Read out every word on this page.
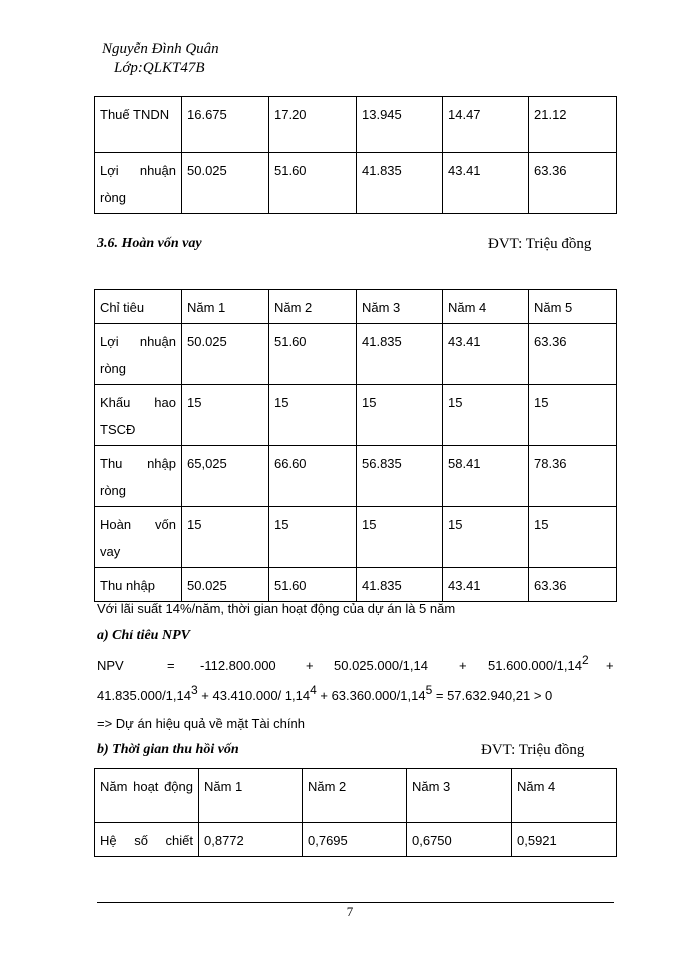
Nguyễn Đình Quân
Lớp:QLKT47B
Thuế TNDN	16.675	17.20	13.945	14.47	21.12
Lợi nhuận ròng	50.025	51.60	41.835	43.41	63.36
3.6. Hoàn vốn vay	ĐVT: Triệu đồng
Chỉ tiêu	Năm 1	Năm 2	Năm 3	Năm 4	Năm 5
Lợi nhuận ròng	50.025	51.60	41.835	43.41	63.36
Khấu hao TSCĐ	15	15	15	15	15
Thu nhập ròng	65,025	66.60	56.835	58.41	78.36
Hoàn vốn vay	15	15	15	15	15
Thu nhập	50.025	51.60	41.835	43.41	63.36
Với lãi suất 14%/năm, thời gian hoạt động của dự án là 5 năm
a) Chỉ tiêu NPV
NPV	= $-112.800.000 + 50.025.000/1,14 + 51.600.000/1,14^2$ +
$41.835.000/1,14^3 + 43.410.000/$ $1,14^4 + 63.360.000/1,14^5 = 57.632.940,21 > 0$
=> Dự án hiệu quả về mặt Tài chính
b) Thời gian thu hồi vốn	ĐVT: Triệu đồng
Năm hoạt động	Năm 1	Năm 2	Năm 3	Năm 4
Hệ số chiết	0,8772	0,7695	0,6750	0,5921
7
